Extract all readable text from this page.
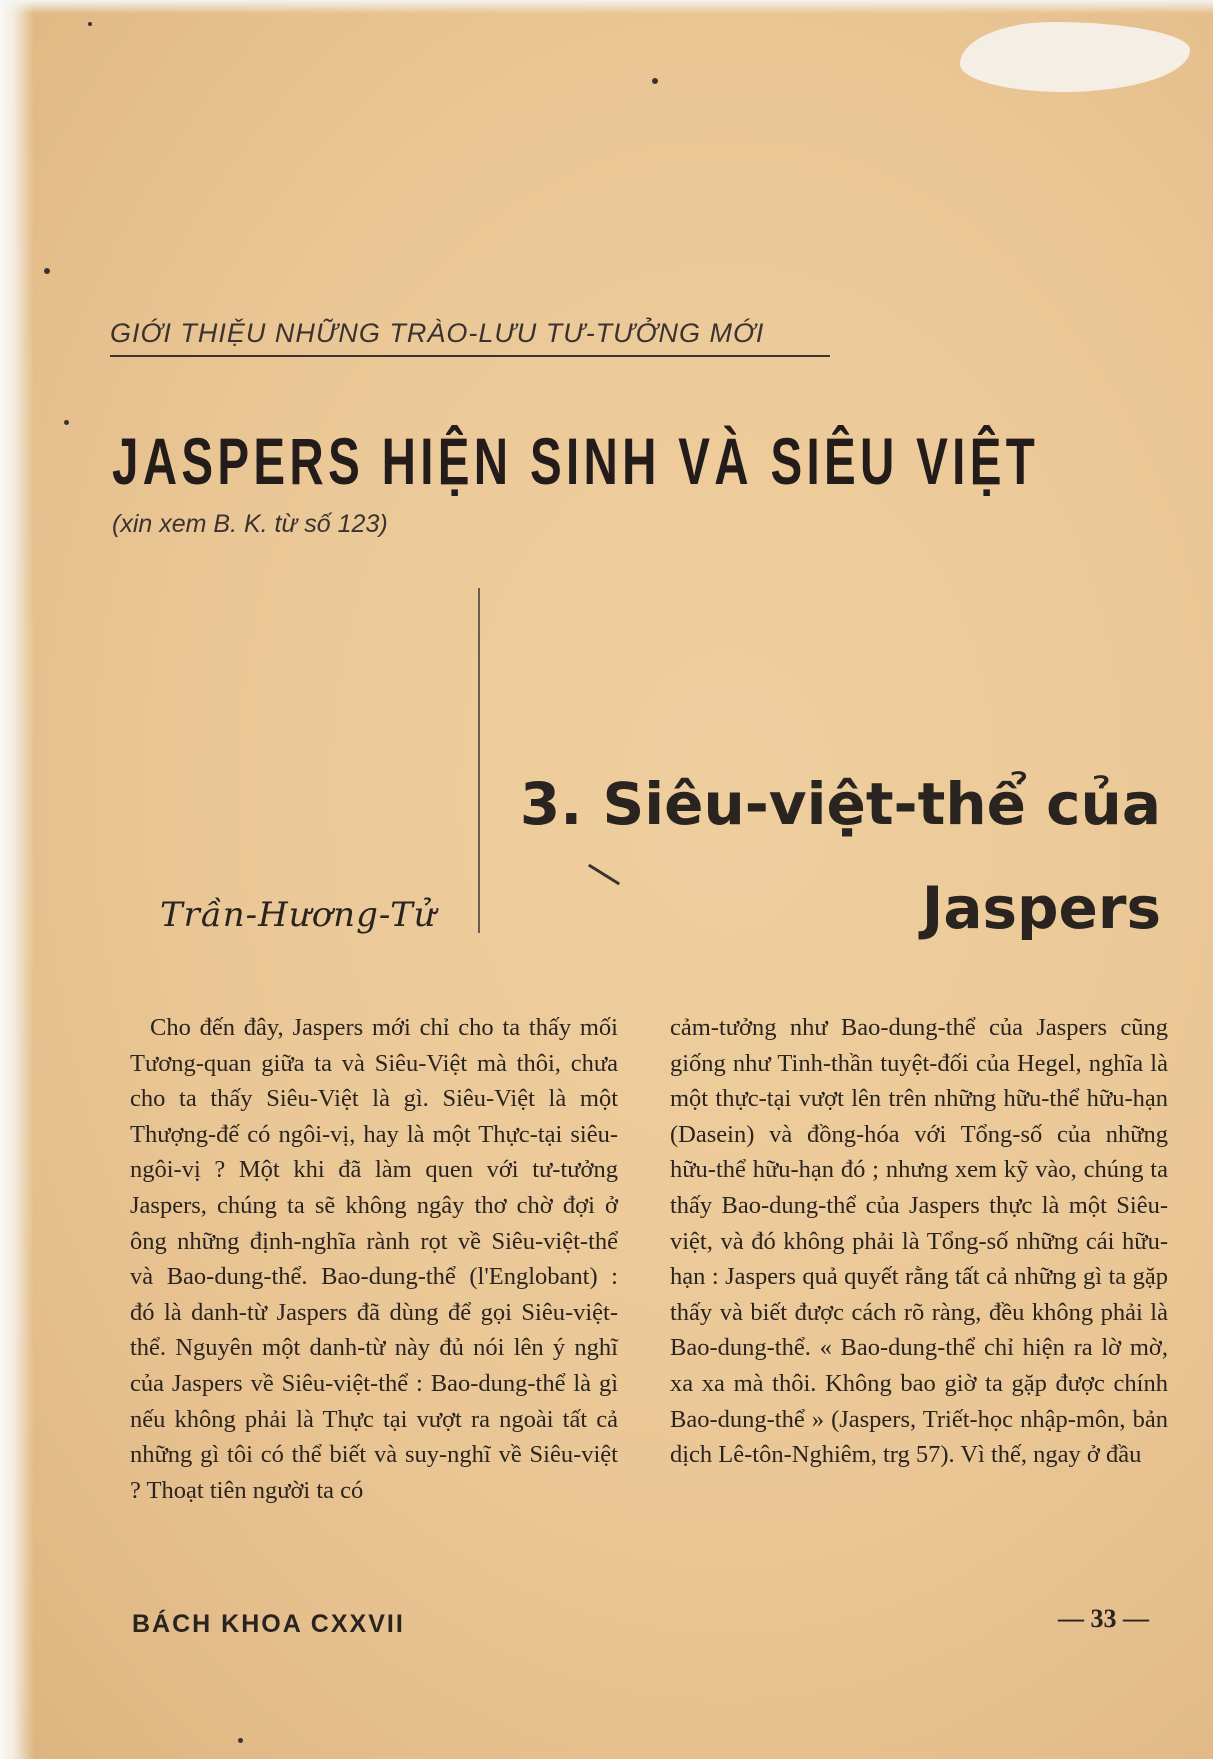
GIỚI THIỆU NHỮNG TRÀO-LƯU TƯ-TƯỞNG MỚI
JASPERS HIỆN SINH VÀ SIÊU VIỆT
(xin xem B. K. từ số 123)
3. Siêu-việt-thể của
Jaspers
Trần-Hương-Tử

Cho đến đây, Jaspers mới chỉ cho ta thấy mối Tương-quan giữa ta và Siêu-Việt mà thôi, chưa cho ta thấy Siêu-Việt là gì. Siêu-Việt là một Thượng-đế có ngôi-vị, hay là một Thực-tại siêu-ngôi-vị ? Một khi đã làm quen với tư-tưởng Jaspers, chúng ta sẽ không ngây thơ chờ đợi ở ông những định-nghĩa rành rọt về Siêu-việt-thể và Bao-dung-thể. Bao-dung-thể (l'Englobant) : đó là danh-từ Jaspers đã dùng để gọi Siêu-việt-thể. Nguyên một danh-từ này đủ nói lên ý nghĩ của Jaspers về Siêu-việt-thể : Bao-dung-thể là gì nếu không phải là Thực tại vượt ra ngoài tất cả những gì tôi có thể biết và suy-nghĩ về Siêu-việt ? Thoạt tiên người ta có

cảm-tưởng như Bao-dung-thể của Jaspers cũng giống như Tinh-thần tuyệt-đối của Hegel, nghĩa là một thực-tại vượt lên trên những hữu-thể hữu-hạn (Dasein) và đồng-hóa với Tổng-số của những hữu-thể hữu-hạn đó ; nhưng xem kỹ vào, chúng ta thấy Bao-dung-thể của Jaspers thực là một Siêu-việt, và đó không phải là Tổng-số những cái hữu-hạn : Jaspers quả quyết rằng tất cả những gì ta gặp thấy và biết được cách rõ ràng, đều không phải là Bao-dung-thể. « Bao-dung-thể chỉ hiện ra lờ mờ, xa xa mà thôi. Không bao giờ ta gặp được chính Bao-dung-thể » (Jaspers, Triết-học nhập-môn, bản dịch Lê-tôn-Nghiêm, trg 57). Vì thế, ngay ở đầu

BÁCH KHOA CXXVII	— 33 —
